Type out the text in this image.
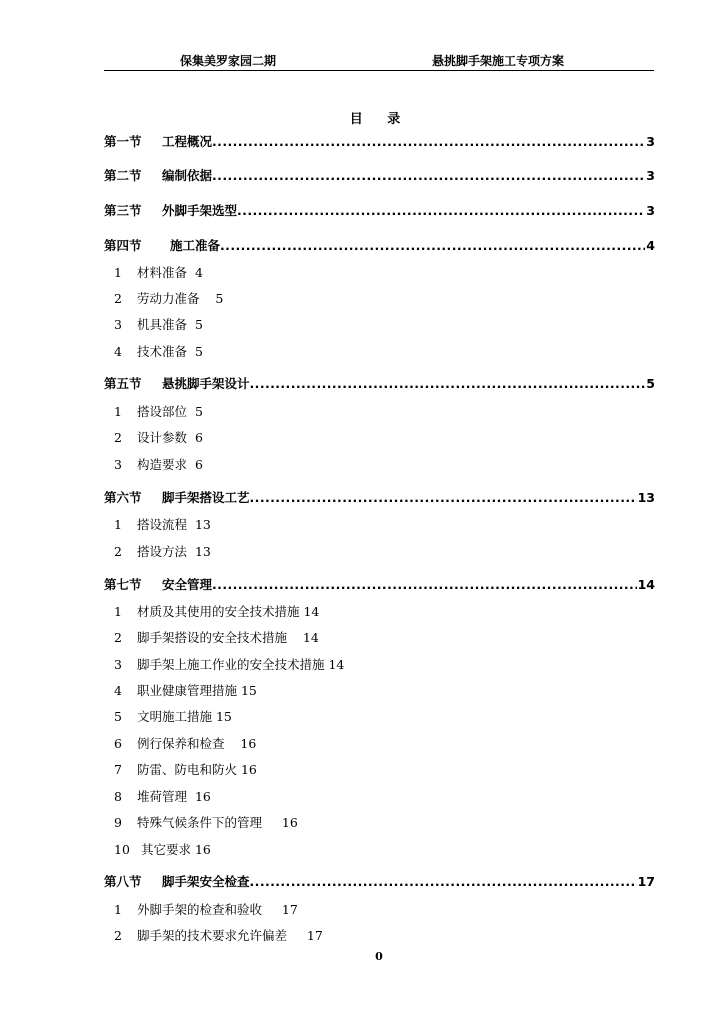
保集美罗家园二期	悬挑脚手架施工专项方案
目 录
第一节	工程概况 .....	3
第二节	编制依据 .....	3
第三节	外脚手架选型 .....	3
第四节	施工准备 .....	4
1 材料准备  4
2 劳动力准备    5
3 机具准备  5
4 技术准备  5
第五节	悬挑脚手架设计 .....	5
1 搭设部位  5
2 设计参数  6
3 构造要求  6
第六节	脚手架搭设工艺 .....	13
1 搭设流程  13
2 搭设方法  13
第七节	安全管理 .....	14
1 材质及其使用的安全技术措施 14
2 脚手架搭设的安全技术措施    14
3 脚手架上施工作业的安全技术措施 14
4 职业健康管理措施 15
5 文明施工措施 15
6 例行保养和检查    16
7 防雷、防电和防火 16
8 堆荷管理  16
9 特殊气候条件下的管理     16
10 其它要求 16
第八节	脚手架安全检查 .....	17
1 外脚手架的检查和验收     17
2 脚手架的技术要求允许偏差     17
0
